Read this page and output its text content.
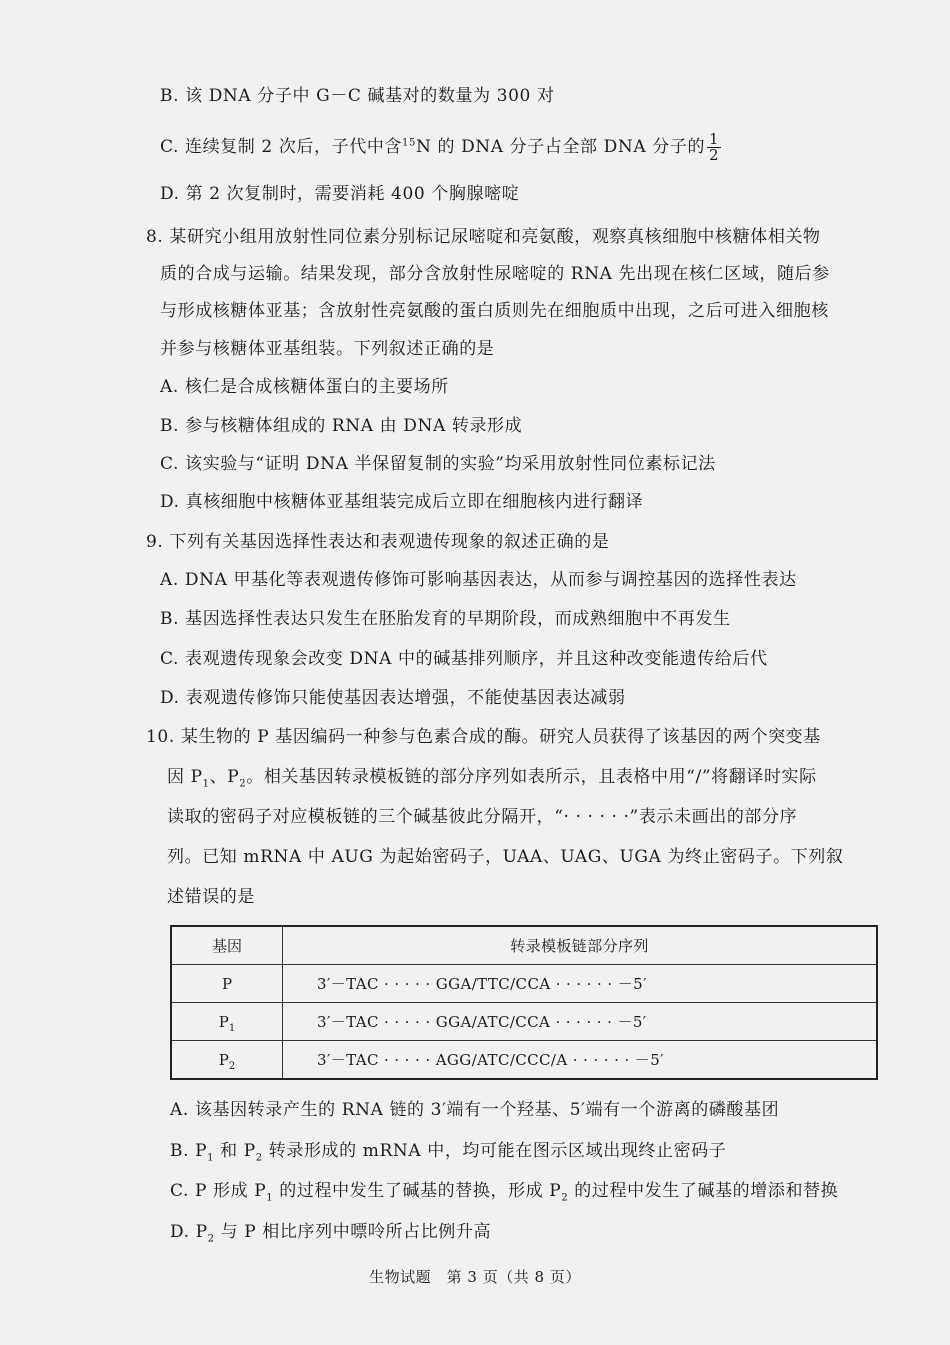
B. 该 DNA 分子中 G－C 碱基对的数量为 300 对
C. 连续复制 2 次后，子代中含$^{15}$N 的 DNA 分子占全部 DNA 分子的 $\frac{1}{2}$
D. 第 2 次复制时，需要消耗 400 个胸腺嘧啶
8. 某研究小组用放射性同位素分别标记尿嘧啶和亮氨酸，观察真核细胞中核糖体相关物
质的合成与运输。结果发现，部分含放射性尿嘧啶的 RNA 先出现在核仁区域，随后参
与形成核糖体亚基；含放射性亮氨酸的蛋白质则先在细胞质中出现，之后可进入细胞核
并参与核糖体亚基组装。下列叙述正确的是
A. 核仁是合成核糖体蛋白的主要场所
B. 参与核糖体组成的 RNA 由 DNA 转录形成
C. 该实验与“证明 DNA 半保留复制的实验”均采用放射性同位素标记法
D. 真核细胞中核糖体亚基组装完成后立即在细胞核内进行翻译
9. 下列有关基因选择性表达和表观遗传现象的叙述正确的是
A. DNA 甲基化等表观遗传修饰可影响基因表达，从而参与调控基因的选择性表达
B. 基因选择性表达只发生在胚胎发育的早期阶段，而成熟细胞中不再发生
C. 表观遗传现象会改变 DNA 中的碱基排列顺序，并且这种改变能遗传给后代
D. 表观遗传修饰只能使基因表达增强，不能使基因表达减弱
10. 某生物的 P 基因编码一种参与色素合成的酶。研究人员获得了该基因的两个突变基
因 $P_1$、$P_2$。相关基因转录模板链的部分序列如表所示，且表格中用“/”将翻译时实际
读取的密码子对应模板链的三个碱基彼此分隔开，“· · · · · ·”表示未画出的部分序
列。已知 mRNA 中 AUG 为起始密码子，UAA、UAG、UGA 为终止密码子。下列叙
述错误的是
基因	转录模板链部分序列
P	3′－TAC · · · · · GGA/TTC/CCA · · · · · · －5′
$P_1$	3′－TAC · · · · · GGA/ATC/CCA · · · · · · －5′
$P_2$	3′－TAC · · · · · AGG/ATC/CCC/A · · · · · · －5′
A. 该基因转录产生的 RNA 链的 3′端有一个羟基、5′端有一个游离的磷酸基团
B. $P_1$ 和 $P_2$ 转录形成的 mRNA 中，均可能在图示区域出现终止密码子
C. P 形成 $P_1$ 的过程中发生了碱基的替换，形成 $P_2$ 的过程中发生了碱基的增添和替换
D. $P_2$ 与 P 相比序列中嘌呤所占比例升高
生物试题　第 3 页（共 8 页）
